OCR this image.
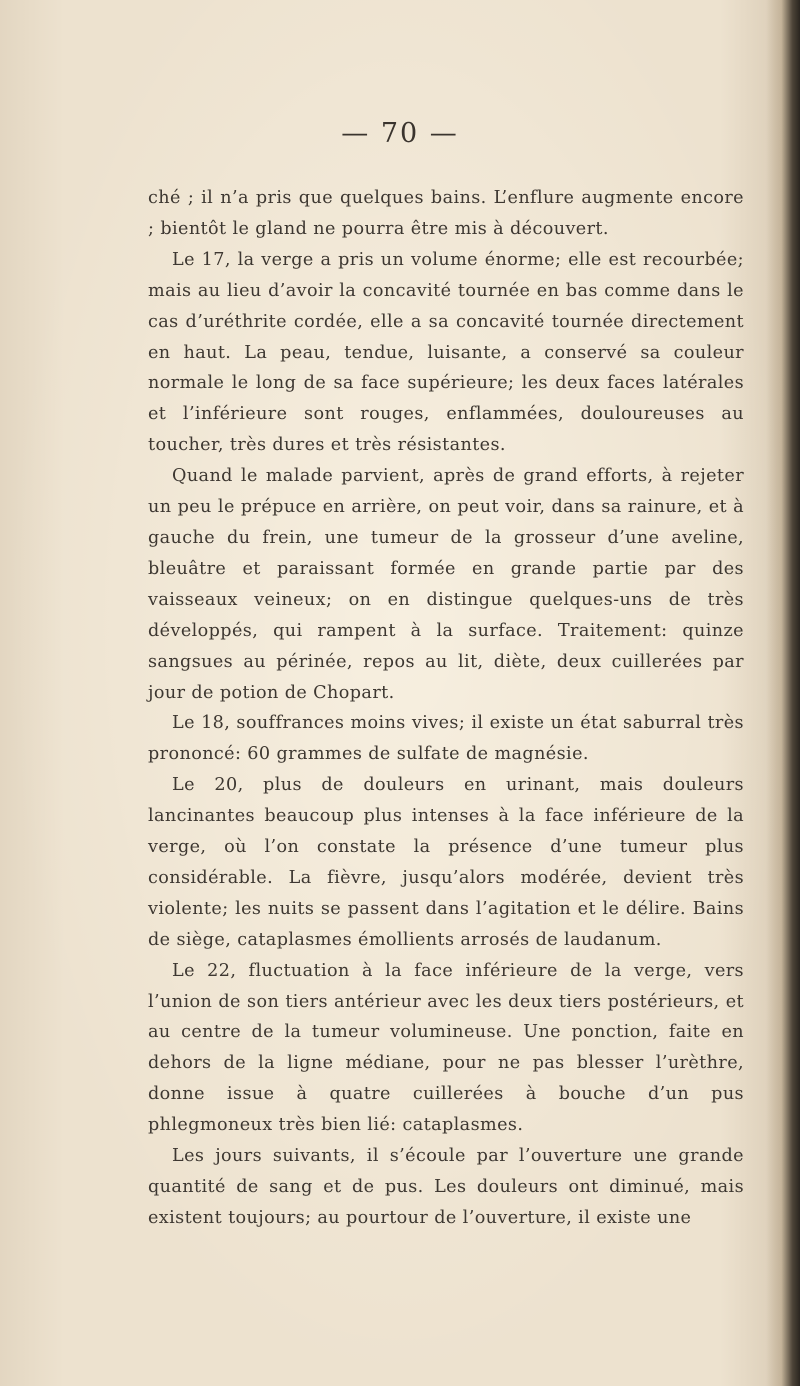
— 70 —

ché ; il n’a pris que quelques bains. L’enflure augmente encore ; bientôt le gland ne pourra être mis à découvert.

Le 17, la verge a pris un volume énorme; elle est recourbée; mais au lieu d’avoir la concavité tournée en bas comme dans le cas d’uréthrite cordée, elle a sa concavité tournée directement en haut. La peau, tendue, luisante, a conservé sa couleur normale le long de sa face supérieure; les deux faces latérales et l’inférieure sont rouges, enflammées, douloureuses au toucher, très dures et très résistantes.

Quand le malade parvient, après de grand efforts, à rejeter un peu le prépuce en arrière, on peut voir, dans sa rainure, et à gauche du frein, une tumeur de la grosseur d’une aveline, bleuâtre et paraissant formée en grande partie par des vaisseaux veineux; on en distingue quelques-uns de très développés, qui rampent à la surface. Traitement: quinze sangsues au périnée, repos au lit, diète, deux cuillerées par jour de potion de Chopart.

Le 18, souffrances moins vives; il existe un état saburral très prononcé: 60 grammes de sulfate de magnésie.

Le 20, plus de douleurs en urinant, mais douleurs lancinantes beaucoup plus intenses à la face inférieure de la verge, où l’on constate la présence d’une tumeur plus considérable. La fièvre, jusqu’alors modérée, devient très violente; les nuits se passent dans l’agitation et le délire. Bains de siège, cataplasmes émollients arrosés de laudanum.

Le 22, fluctuation à la face inférieure de la verge, vers l’union de son tiers antérieur avec les deux tiers postérieurs, et au centre de la tumeur volumineuse. Une ponction, faite en dehors de la ligne médiane, pour ne pas blesser l’urèthre, donne issue à quatre cuillerées à bouche d’un pus phlegmoneux très bien lié: cataplasmes.

Les jours suivants, il s’écoule par l’ouverture une grande quantité de sang et de pus. Les douleurs ont diminué, mais existent toujours; au pourtour de l’ouverture, il existe une
